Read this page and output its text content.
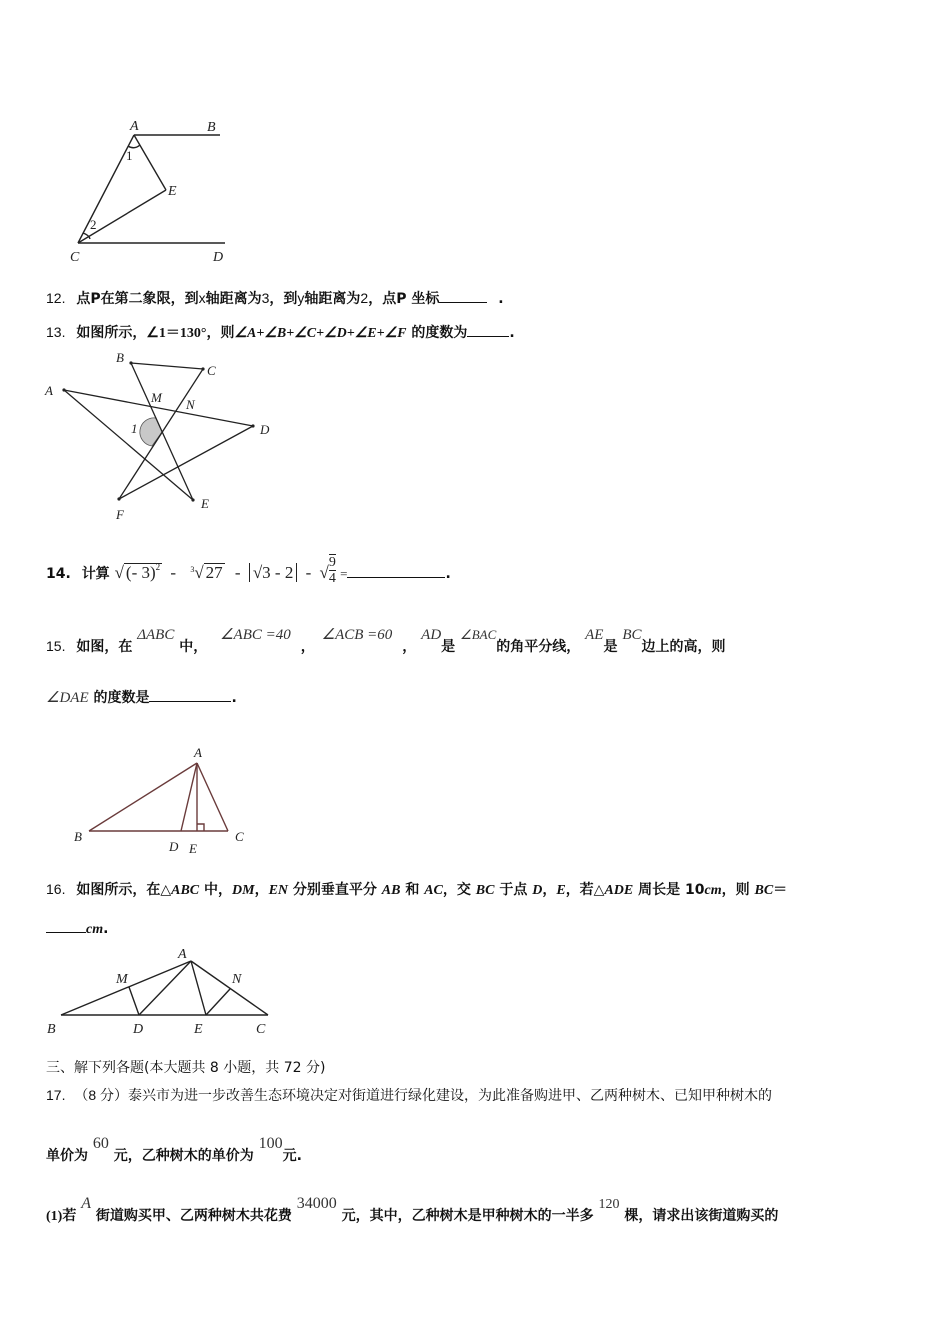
A	B
E
C	D
1
2
12. 点P在第二象限，到x轴距离为3，到y轴距离为2，点P 坐标	.
13. 如图所示，∠1＝130°，则∠A+∠B+∠C+∠D+∠E+∠F 的度数为	.
B
C
A	M N
D
1
F
E
14. 计算 √ (- 3)$^2$ - $^3$√ 27 - √3 - 2 - √ $\frac{9}{4}$ =	.
15. 如图，在 ΔABC 中， ∠ABC =40， ∠ACB =60， AD是 ∠BAC的角平分线， AE是 BC边上的高，则
∠DAE 的度数是	.
A
B
D E
C
16. 如图所示，在△ABC 中，DM，EN 分别垂直平分 AB 和 AC，交 BC 于点 D，E，若△ADE 周长是 10cm，则 BC＝
cm.
A
M	N
B	D	E	C
三、解下列各题(本大题共 8 小题，共 72 分)
17. （8 分）泰兴市为进一步改善生态环境决定对街道进行绿化建设，为此准备购进甲、乙两种树木、已知甲种树木的
单价为 60 元，乙种树木的单价为 100元.
(1)若 A 街道购买甲、乙两种树木共花费 34000 元，其中，乙种树木是甲种树木的一半多 120 棵，请求出该街道购买的
